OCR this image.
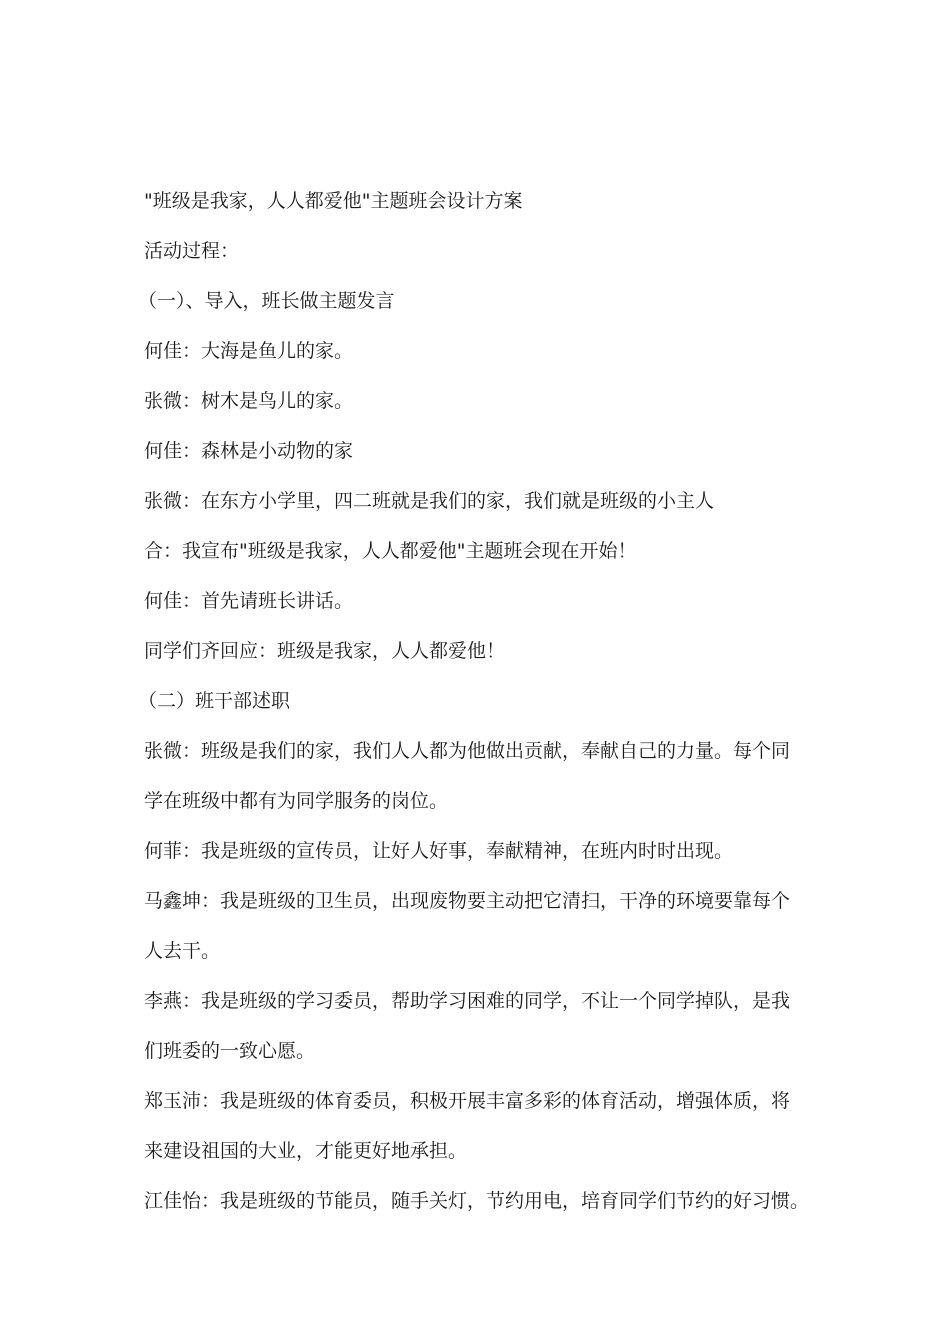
"班级是我家，人人都爱他"主题班会设计方案
活动过程：
（一）、导入，班长做主题发言
何佳：大海是鱼儿的家。
张微：树木是鸟儿的家。
何佳：森林是小动物的家
张微：在东方小学里，四二班就是我们的家，我们就是班级的小主人
合：我宣布"班级是我家，人人都爱他"主题班会现在开始！
何佳：首先请班长讲话。
同学们齐回应：班级是我家，人人都爱他！
（二）班干部述职
张微：班级是我们的家，我们人人都为他做出贡献，奉献自己的力量。每个同
学在班级中都有为同学服务的岗位。
何菲：我是班级的宣传员，让好人好事，奉献精神，在班内时时出现。
马鑫坤：我是班级的卫生员，出现废物要主动把它清扫，干净的环境要靠每个
人去干。
李燕：我是班级的学习委员，帮助学习困难的同学，不让一个同学掉队，是我
们班委的一致心愿。
郑玉沛：我是班级的体育委员，积极开展丰富多彩的体育活动，增强体质，将
来建设祖国的大业，才能更好地承担。
江佳怡：我是班级的节能员，随手关灯，节约用电，培育同学们节约的好习惯。
